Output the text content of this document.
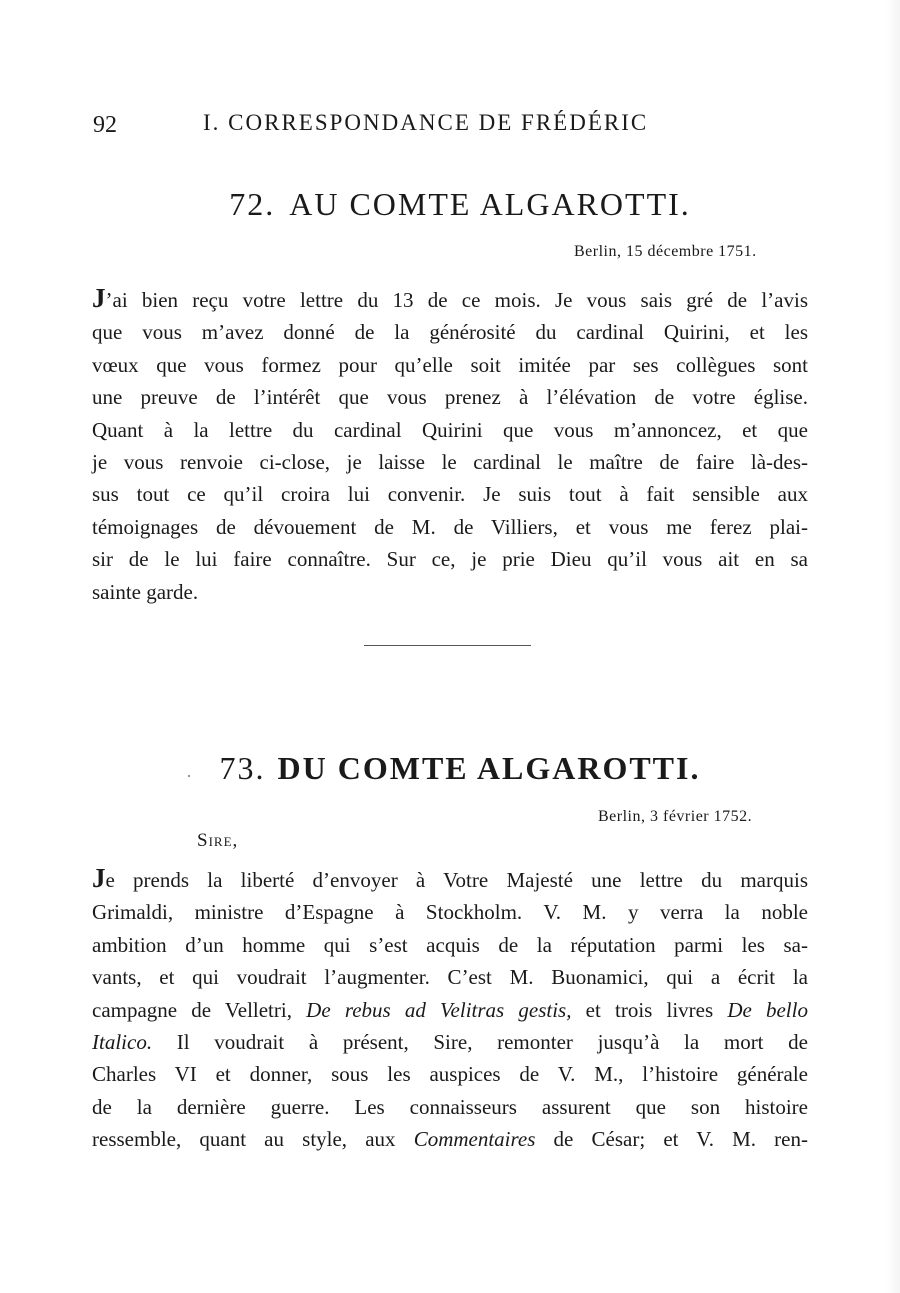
92	I. CORRESPONDANCE DE FRÉDÉRIC
72. AU COMTE ALGAROTTI.
Berlin, 15 décembre 1751.
J’ai bien reçu votre lettre du 13 de ce mois. Je vous sais gré de l’avis
que vous m’avez donné de la générosité du cardinal Quirini, et les
vœux que vous formez pour qu’elle soit imitée par ses collègues sont
une preuve de l’intérêt que vous prenez à l’élévation de votre église.
Quant à la lettre du cardinal Quirini que vous m’annoncez, et que
je vous renvoie ci-close, je laisse le cardinal le maître de faire là-des-
sus tout ce qu’il croira lui convenir. Je suis tout à fait sensible aux
témoignages de dévouement de M. de Villiers, et vous me ferez plai-
sir de le lui faire connaître. Sur ce, je prie Dieu qu’il vous ait en sa
sainte garde.
73. DU COMTE ALGAROTTI.
Berlin, 3 février 1752.
Sire,
Je prends la liberté d’envoyer à Votre Majesté une lettre du marquis
Grimaldi, ministre d’Espagne à Stockholm. V. M. y verra la noble
ambition d’un homme qui s’est acquis de la réputation parmi les sa-
vants, et qui voudrait l’augmenter. C’est M. Buonamici, qui a écrit la
campagne de Velletri, De rebus ad Velitras gestis, et trois livres De bello
Italico. Il voudrait à présent, Sire, remonter jusqu’à la mort de
Charles VI et donner, sous les auspices de V. M., l’histoire générale
de la dernière guerre. Les connaisseurs assurent que son histoire
ressemble, quant au style, aux Commentaires de César; et V. M. ren-
